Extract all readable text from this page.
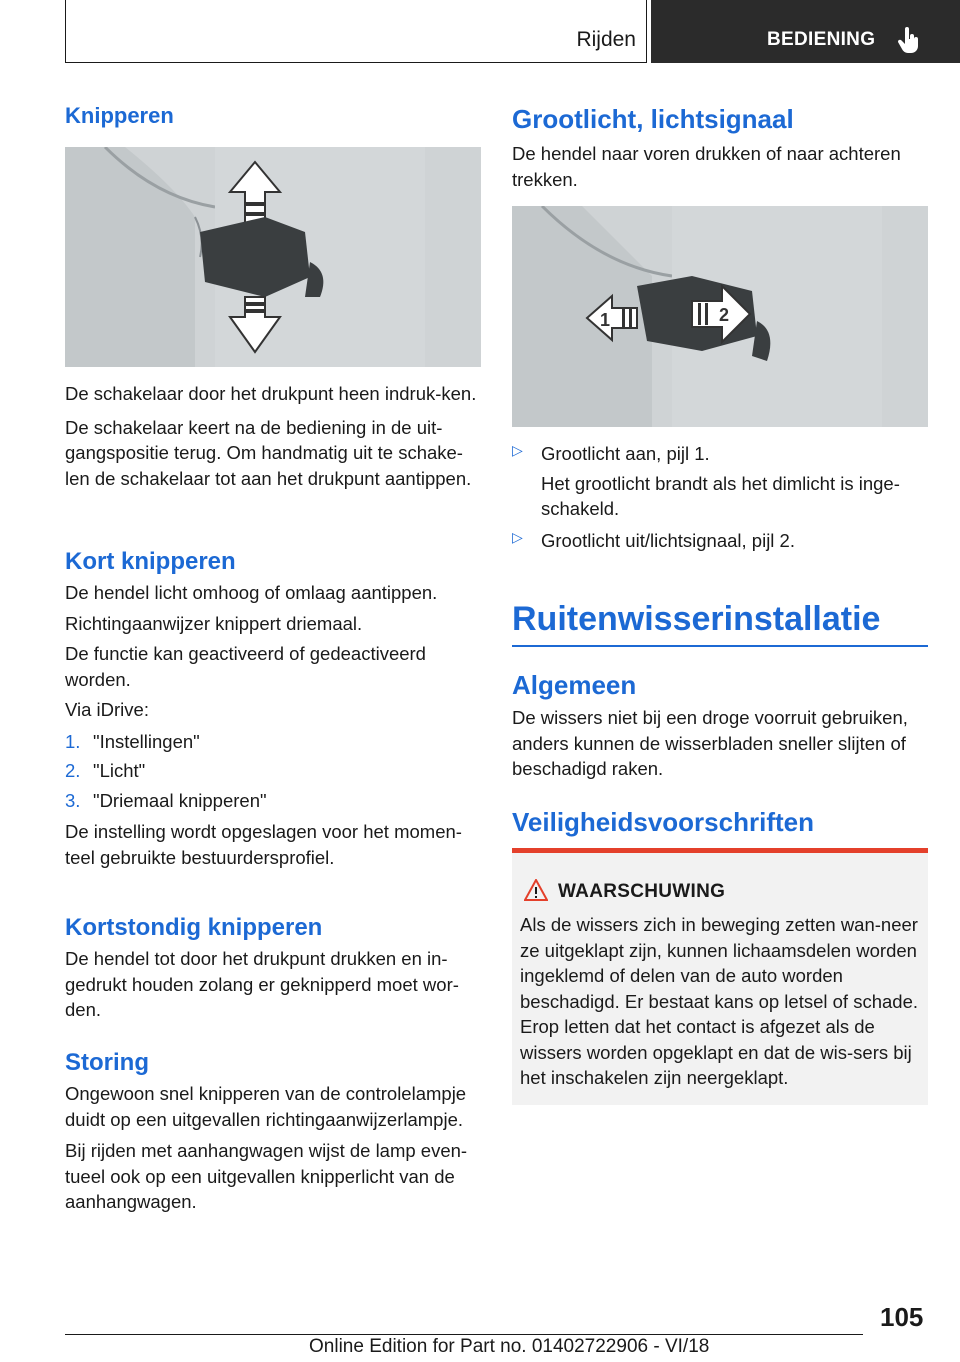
Rijden	BEDIENING
Knipperen

De schakelaar door het drukpunt heen indruk-ken.

De schakelaar keert na de bediening in de uit-gangspositie terug. Om handmatig uit te schake-len de schakelaar tot aan het drukpunt aantippen.

Kort knipperen

De hendel licht omhoog of omlaag aantippen.

Richtingaanwijzer knippert driemaal.

De functie kan geactiveerd of gedeactiveerd worden.

Via iDrive:

1. "Instellingen"
2. "Licht"
3. "Driemaal knipperen"

De instelling wordt opgeslagen voor het momen-teel gebruikte bestuurdersprofiel.

Kortstondig knipperen

De hendel tot door het drukpunt drukken en in-gedrukt houden zolang er geknipperd moet wor-den.

Storing

Ongewoon snel knipperen van de controlelampje duidt op een uitgevallen richtingaanwijzerlampje.

Bij rijden met aanhangwagen wijst de lamp even-tueel ook op een uitgevallen knipperlicht van de aanhangwagen.

Grootlicht, lichtsignaal

De hendel naar voren drukken of naar achteren trekken.

1	2
▷ Grootlicht aan, pijl 1.

Het grootlicht brandt als het dimlicht is inge-schakeld.

▷ Grootlicht uit/lichtsignaal, pijl 2.

Ruitenwisserinstallatie
Algemeen

De wissers niet bij een droge voorruit gebruiken, anders kunnen de wisserbladen sneller slijten of beschadigd raken.

Veiligheidsvoorschriften
WAARSCHUWING

Als de wissers zich in beweging zetten wan-neer ze uitgeklapt zijn, kunnen lichaamsdelen worden ingeklemd of delen van de auto worden beschadigd. Er bestaat kans op letsel of schade. Erop letten dat het contact is afgezet als de wissers worden opgeklapt en dat de wis-sers bij het inschakelen zijn neergeklapt.

105
Online Edition for Part no. 01402722906 - VI/18
